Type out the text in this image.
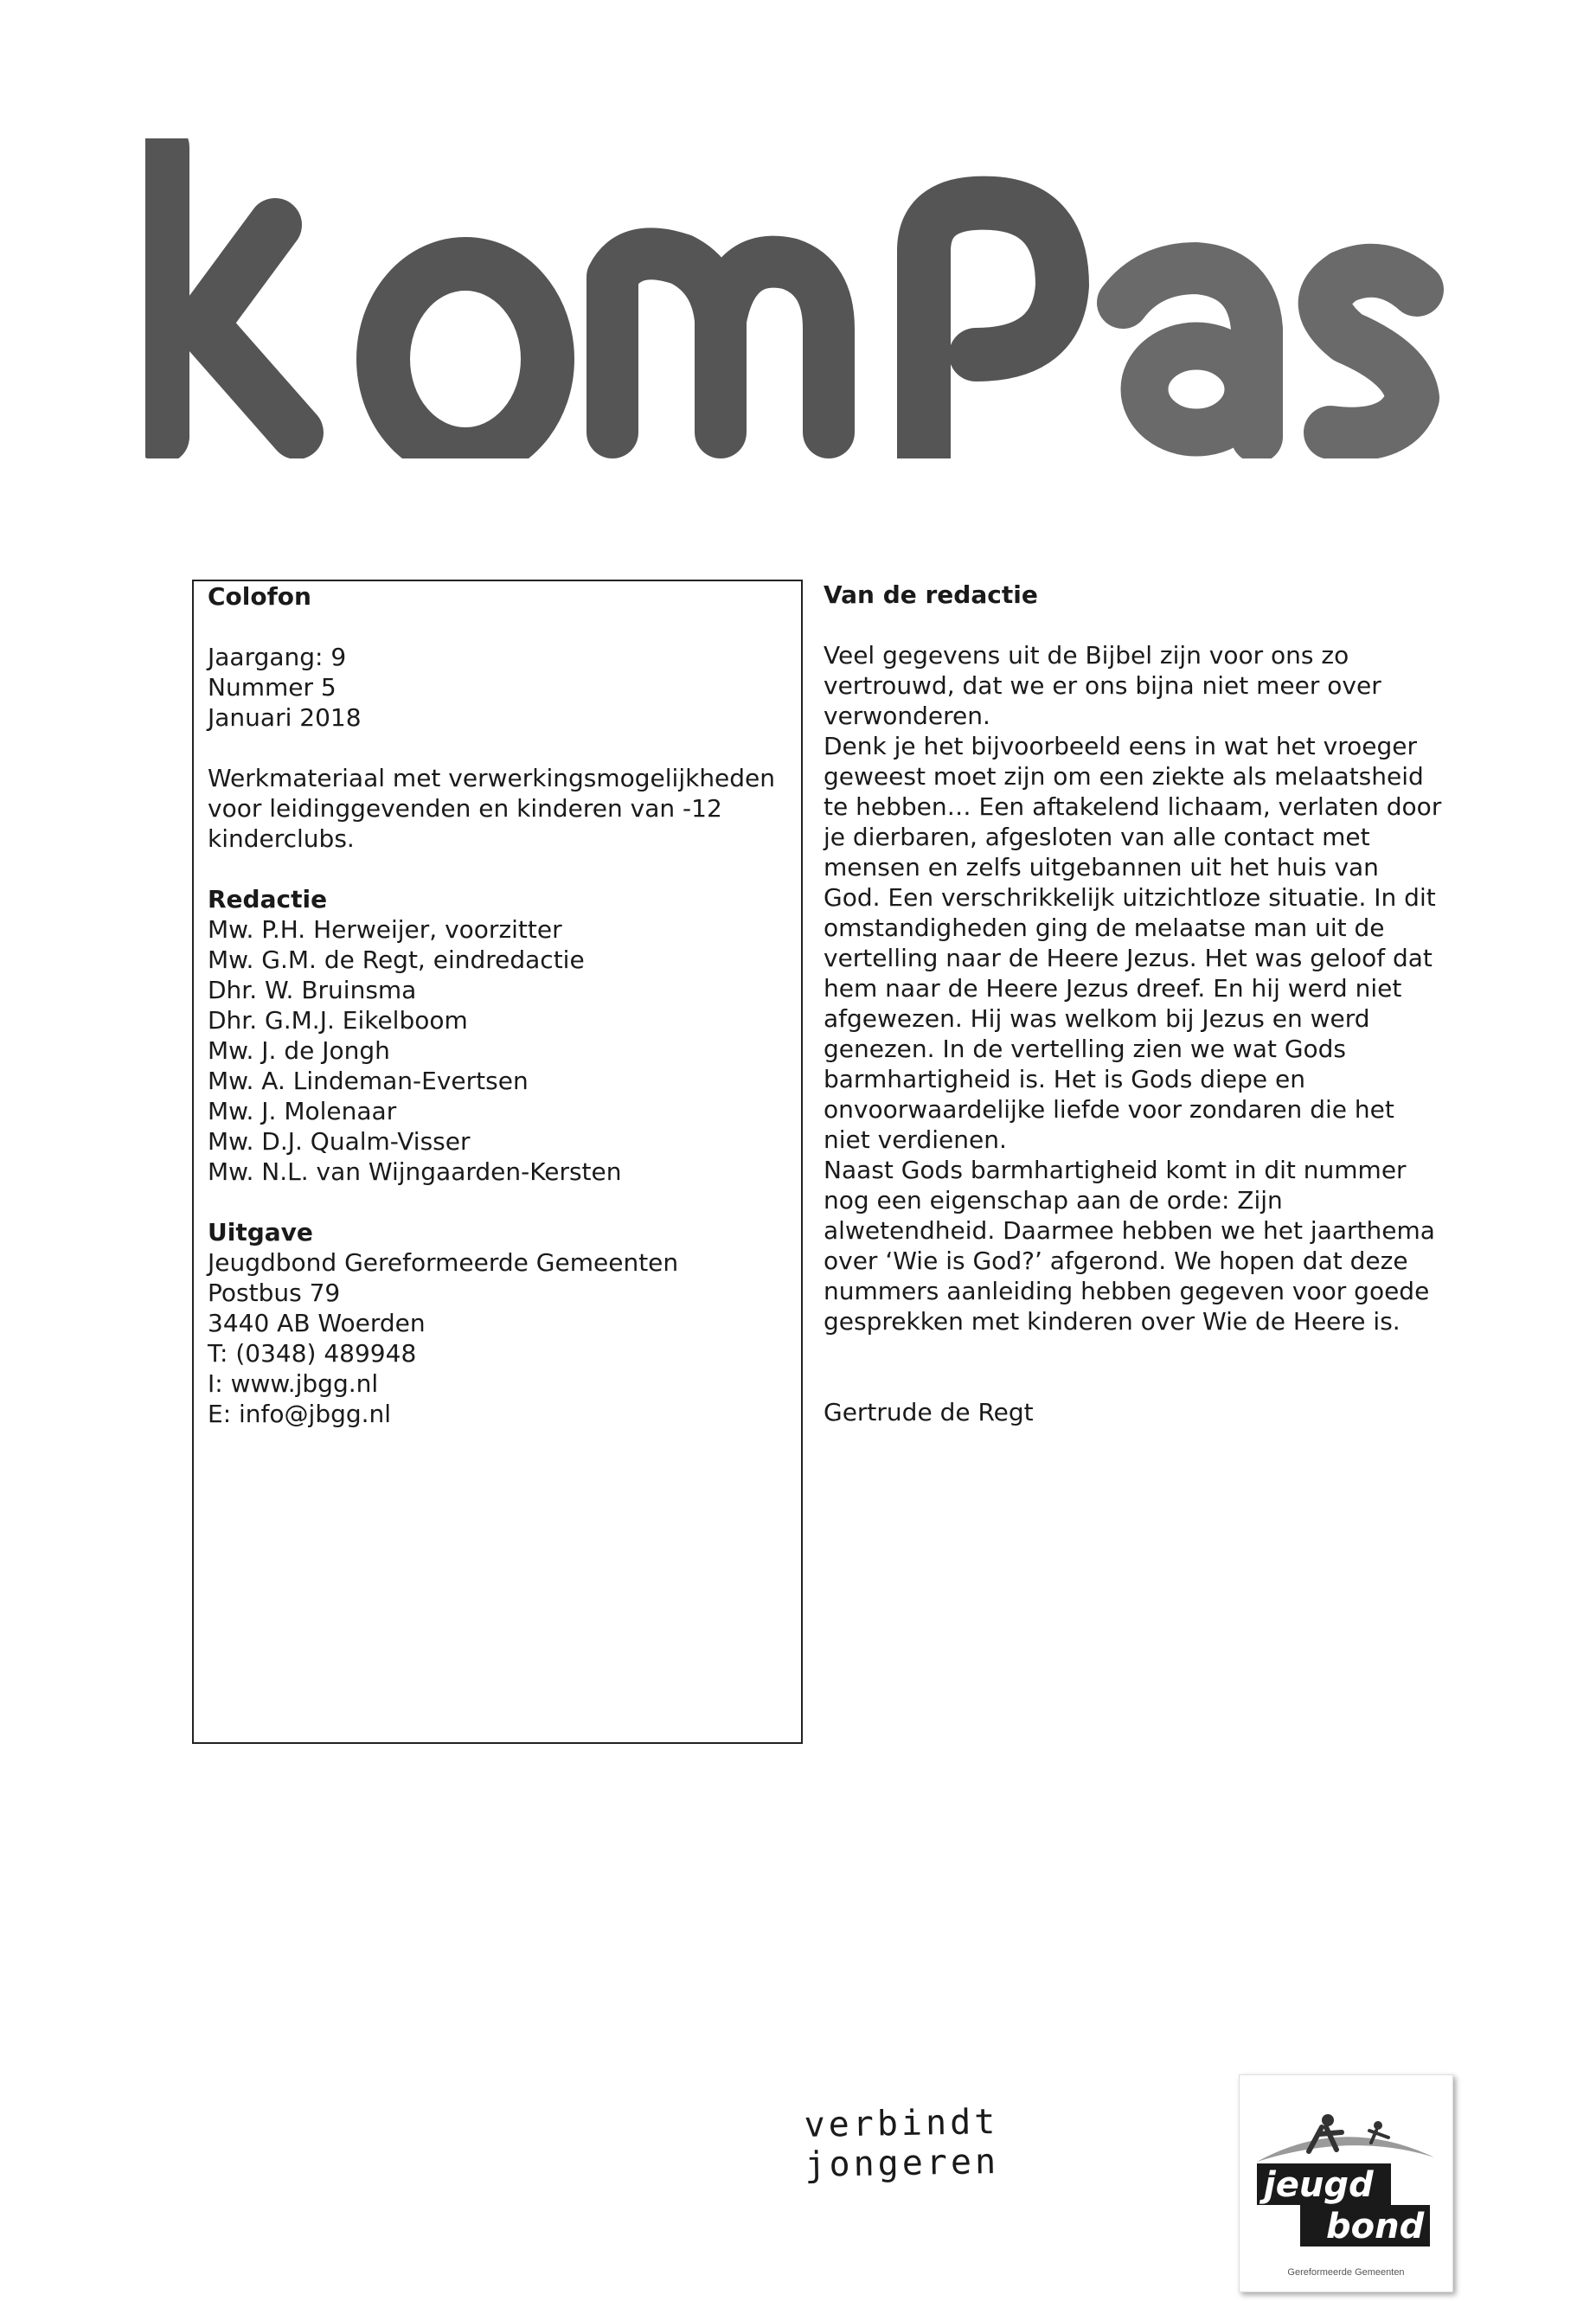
Colofon

Jaargang: 9

Nummer 5

Januari 2018

Werkmateriaal met verwerkingsmogelijkheden

voor leidinggevenden en kinderen van -12

kinderclubs.

Redactie

Mw. P.H. Herweijer, voorzitter

Mw. G.M. de Regt, eindredactie

Dhr. W. Bruinsma

Dhr. G.M.J. Eikelboom

Mw. J. de Jongh

Mw. A. Lindeman-Evertsen

Mw. J. Molenaar

Mw. D.J. Qualm-Visser

Mw. N.L. van Wijngaarden-Kersten

Uitgave

Jeugdbond Gereformeerde Gemeenten

Postbus 79

3440 AB Woerden

T: (0348) 489948

I: www.jbgg.nl

E: info@jbgg.nl

Van de redactie

Veel gegevens uit de Bijbel zijn voor ons zo

vertrouwd, dat we er ons bijna niet meer over

verwonderen.

Denk je het bijvoorbeeld eens in wat het vroeger

geweest moet zijn om een ziekte als melaatsheid

te hebben… Een aftakelend lichaam, verlaten door

je dierbaren, afgesloten van alle contact met

mensen en zelfs uitgebannen uit het huis van

God. Een verschrikkelijk uitzichtloze situatie. In dit

omstandigheden ging de melaatse man uit de

vertelling naar de Heere Jezus. Het was geloof dat

hem naar de Heere Jezus dreef. En hij werd niet

afgewezen. Hij was welkom bij Jezus en werd

genezen. In de vertelling zien we wat Gods

barmhartigheid is. Het is Gods diepe en

onvoorwaardelijke liefde voor zondaren die het

niet verdienen.

Naast Gods barmhartigheid komt in dit nummer

nog een eigenschap aan de orde: Zijn

alwetendheid. Daarmee hebben we het jaarthema

over ‘Wie is God?’ afgerond. We hopen dat deze

nummers aanleiding hebben gegeven voor goede

gesprekken met kinderen over Wie de Heere is.

Gertrude de Regt

verbindt jongeren
jeugd
bond
Gereformeerde Gemeenten
